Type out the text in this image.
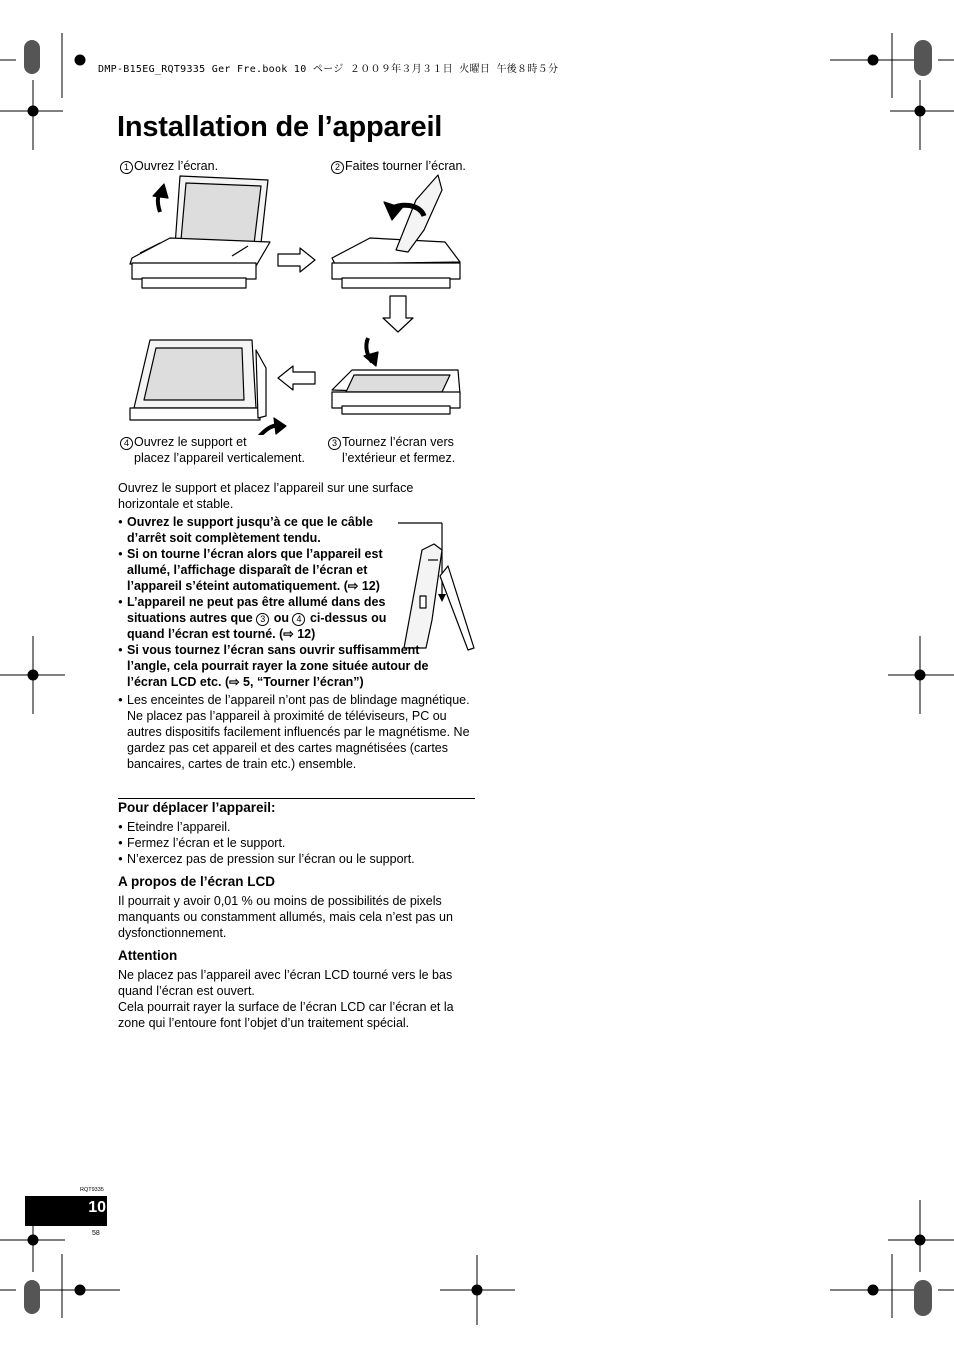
DMP-B15EG_RQT9335 Ger Fre.book 10 ページ ２００９年３月３１日 火曜日 午後８時５分
Installation de l’appareil
1 Ouvrez l’écran.	2 Faites tourner l’écran.
4 Ouvrez le support et
placez l’appareil verticalement.
3 Tournez l’écran vers
l’extérieur et fermez.
Ouvrez le support et placez l’appareil sur une surface horizontale et stable.
● Ouvrez le support jusqu’à ce que le câble d’arrêt soit complètement tendu.
● Si on tourne l’écran alors que l’appareil est allumé, l’affichage disparaît de l’écran et l’appareil s’éteint automatiquement. (⇨ 12)
● L’appareil ne peut pas être allumé dans des situations autres que 3 ou 4 ci-dessus ou quand l’écran est tourné. (⇨ 12)
● Si vous tournez l’écran sans ouvrir suffisamment l’angle, cela pourrait rayer la zone située autour de l’écran LCD etc. (⇨ 5, “Tourner l’écran”)
● Les enceintes de l’appareil n’ont pas de blindage magnétique. Ne placez pas l’appareil à proximité de téléviseurs, PC ou autres dispositifs facilement influencés par le magnétisme. Ne gardez pas cet appareil et des cartes magnétisées (cartes bancaires, cartes de train etc.) ensemble.
Pour déplacer l’appareil:
● Eteindre l’appareil.
● Fermez l’écran et le support.
● N’exercez pas de pression sur l’écran ou le support.
A propos de l’écran LCD
Il pourrait y avoir 0,01 % ou moins de possibilités de pixels manquants ou constamment allumés, mais cela n’est pas un dysfonctionnement.
Attention
Ne placez pas l’appareil avec l’écran LCD tourné vers le bas quand l’écran est ouvert.
Cela pourrait rayer la surface de l’écran LCD car l’écran et la zone qui l’entoure font l’objet d’un traitement spécial.
RQT9335
10
58
